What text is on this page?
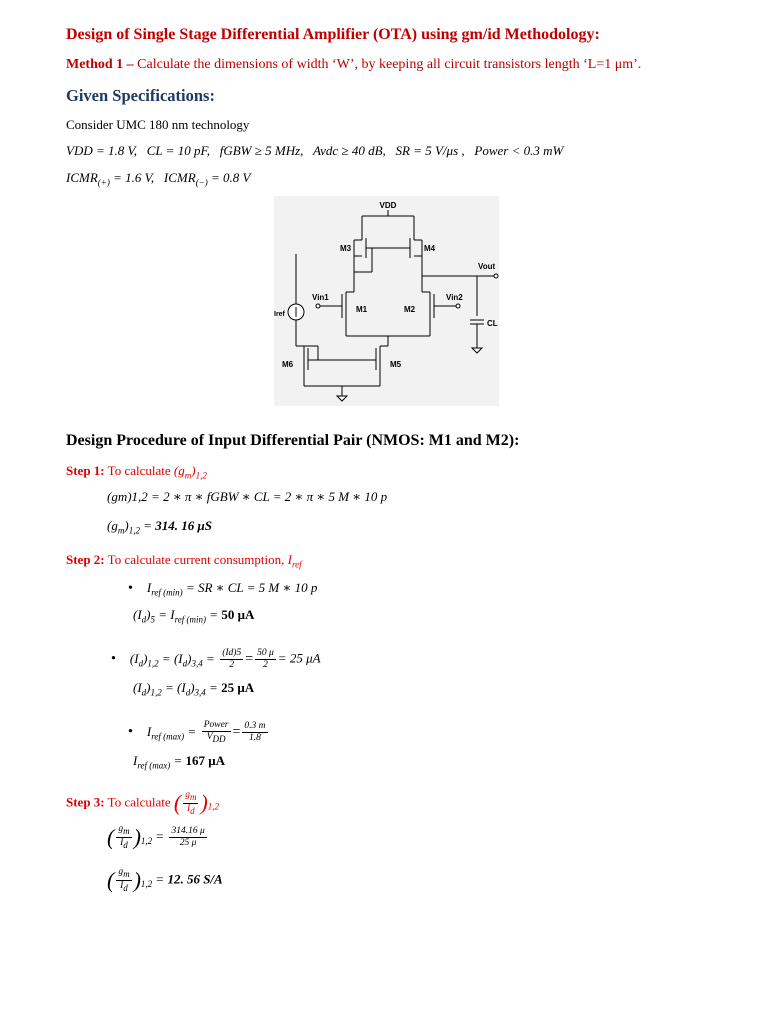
Design of Single Stage Differential Amplifier (OTA) using gm/id Methodology:
Method 1 – Calculate the dimensions of width ‘W’, by keeping all circuit transistors length ‘L=1 μm’.
Given Specifications:
Consider UMC 180 nm technology
VDD = 1.8 V, CL = 10 pF, fGBW ≥ 5 MHz, Avdc ≥ 40 dB, SR = 5 V/μs , Power < 0.3 mW
$ICMR_{(+)} = 1.6$ V,   $ICMR_{(-)} = 0.8$ V
VDD
M3	M4
M1	M2
M5
M6
Vin1	Vin2
Vout
Iref
CL
Design Procedure of Input Differential Pair (NMOS: M1 and M2):
Step 1: To calculate $(g_m)_{1,2}$
(gm)1,2 = 2 ∗ π ∗ fGBW ∗ CL = 2 ∗ π ∗ 5 M ∗ 10 p
$(g_m)_{1,2} = 314$. 16 μS
Step 2: To calculate current consumption, $I_{ref}$
•    $I_{ref (min)}$ = SR ∗ CL = 5 M ∗ 10 p
$(I_d)_5 = I_{ref (min)} = 50$ μA
•    $(I_d)_{1,2} = (I_d)_{3,4} = \frac{(Id)5}{2} = \frac{50 \mu}{2} = 25$ μA
$(I_d)_{1,2} = (I_d)_{3,4} = 25$ μA
•    $I_{ref (max)} = \frac{\text{Power}}{V_{DD}} = \frac{0.3 m}{1.8}$
$I_{ref (max)} = 167$ μA
Step 3: To calculate ( $\frac{g_m}{I_d} )_{1,2}$
( $\frac{g_m}{I_d} )_{1,2} = \frac{314.16 \mu}{25 \mu}$
( $\frac{g_m}{I_d} )_{1,2} = 12$. 56 S/A
